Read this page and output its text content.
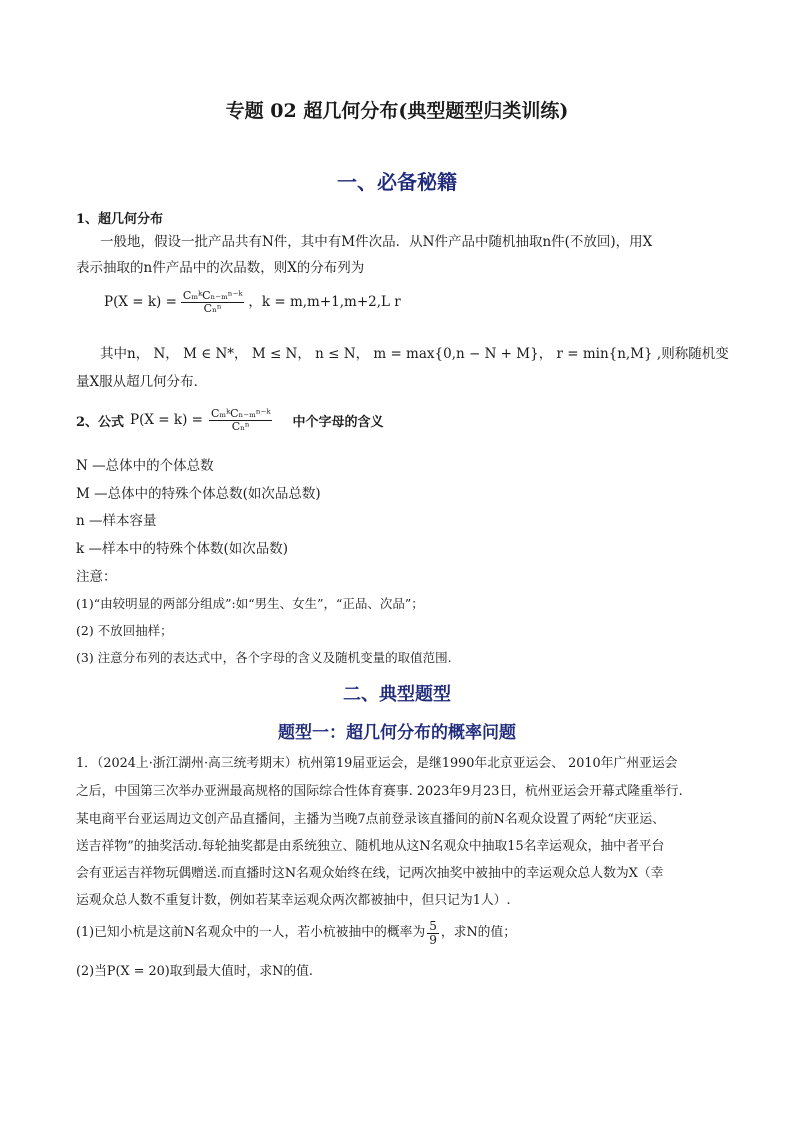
专题 02 超几何分布(典型题型归类训练)
一、必备秘籍
1、超几何分布
一般地，假设一批产品共有N件，其中有M件次品．从N件产品中随机抽取n件(不放回)，用X
表示抽取的n件产品中的次品数，则X的分布列为
$P(X = k) = \frac{\text{CₘᵏCₙ₋ₘⁿ⁻ᵏ}}{\text{Cₙⁿ}}$ ，k = m,m+1,m+2,L r
其中n， N， M ∈ N*， M ≤ N， n ≤ N， m = max{0,n − N + M}， r = min{n,M} ,则称随机变
量X服从超几何分布．
2、公式 $P(X = k) = \frac{\text{CₘᵏCₙ₋ₘⁿ⁻ᵏ}}{\text{Cₙⁿ}}$ 中个字母的含义
N —总体中的个体总数
M —总体中的特殊个体总数(如次品总数)
n —样本容量
k —样本中的特殊个体数(如次品数)
注意：
(1)“由较明显的两部分组成”:如“男生、女生”，“正品、次品”；
(2) 不放回抽样；
(3) 注意分布列的表达式中，各个字母的含义及随机变量的取值范围.
二、典型题型
题型一：超几何分布的概率问题
1．（2024上·浙江湖州·高三统考期末）杭州第19届亚运会，是继1990年北京亚运会、 2010年广州亚运会
之后，中国第三次举办亚洲最高规格的国际综合性体育赛事. 2023年9月23日，杭州亚运会开幕式隆重举行.
某电商平台亚运周边文创产品直播间，主播为当晚7点前登录该直播间的前N名观众设置了两轮“庆亚运、
送吉祥物”的抽奖活动.每轮抽奖都是由系统独立、随机地从这N名观众中抽取15名幸运观众，抽中者平台
会有亚运吉祥物玩偶赠送.而直播时这N名观众始终在线，记两次抽奖中被抽中的幸运观众总人数为X（幸
运观众总人数不重复计数，例如若某幸运观众两次都被抽中，但只记为1人）.
(1)已知小杭是这前N名观众中的一人，若小杭被抽中的概率为 $\frac{5}{9}$ ，求N的值；
(2)当P(X = 20)取到最大值时，求N的值.
